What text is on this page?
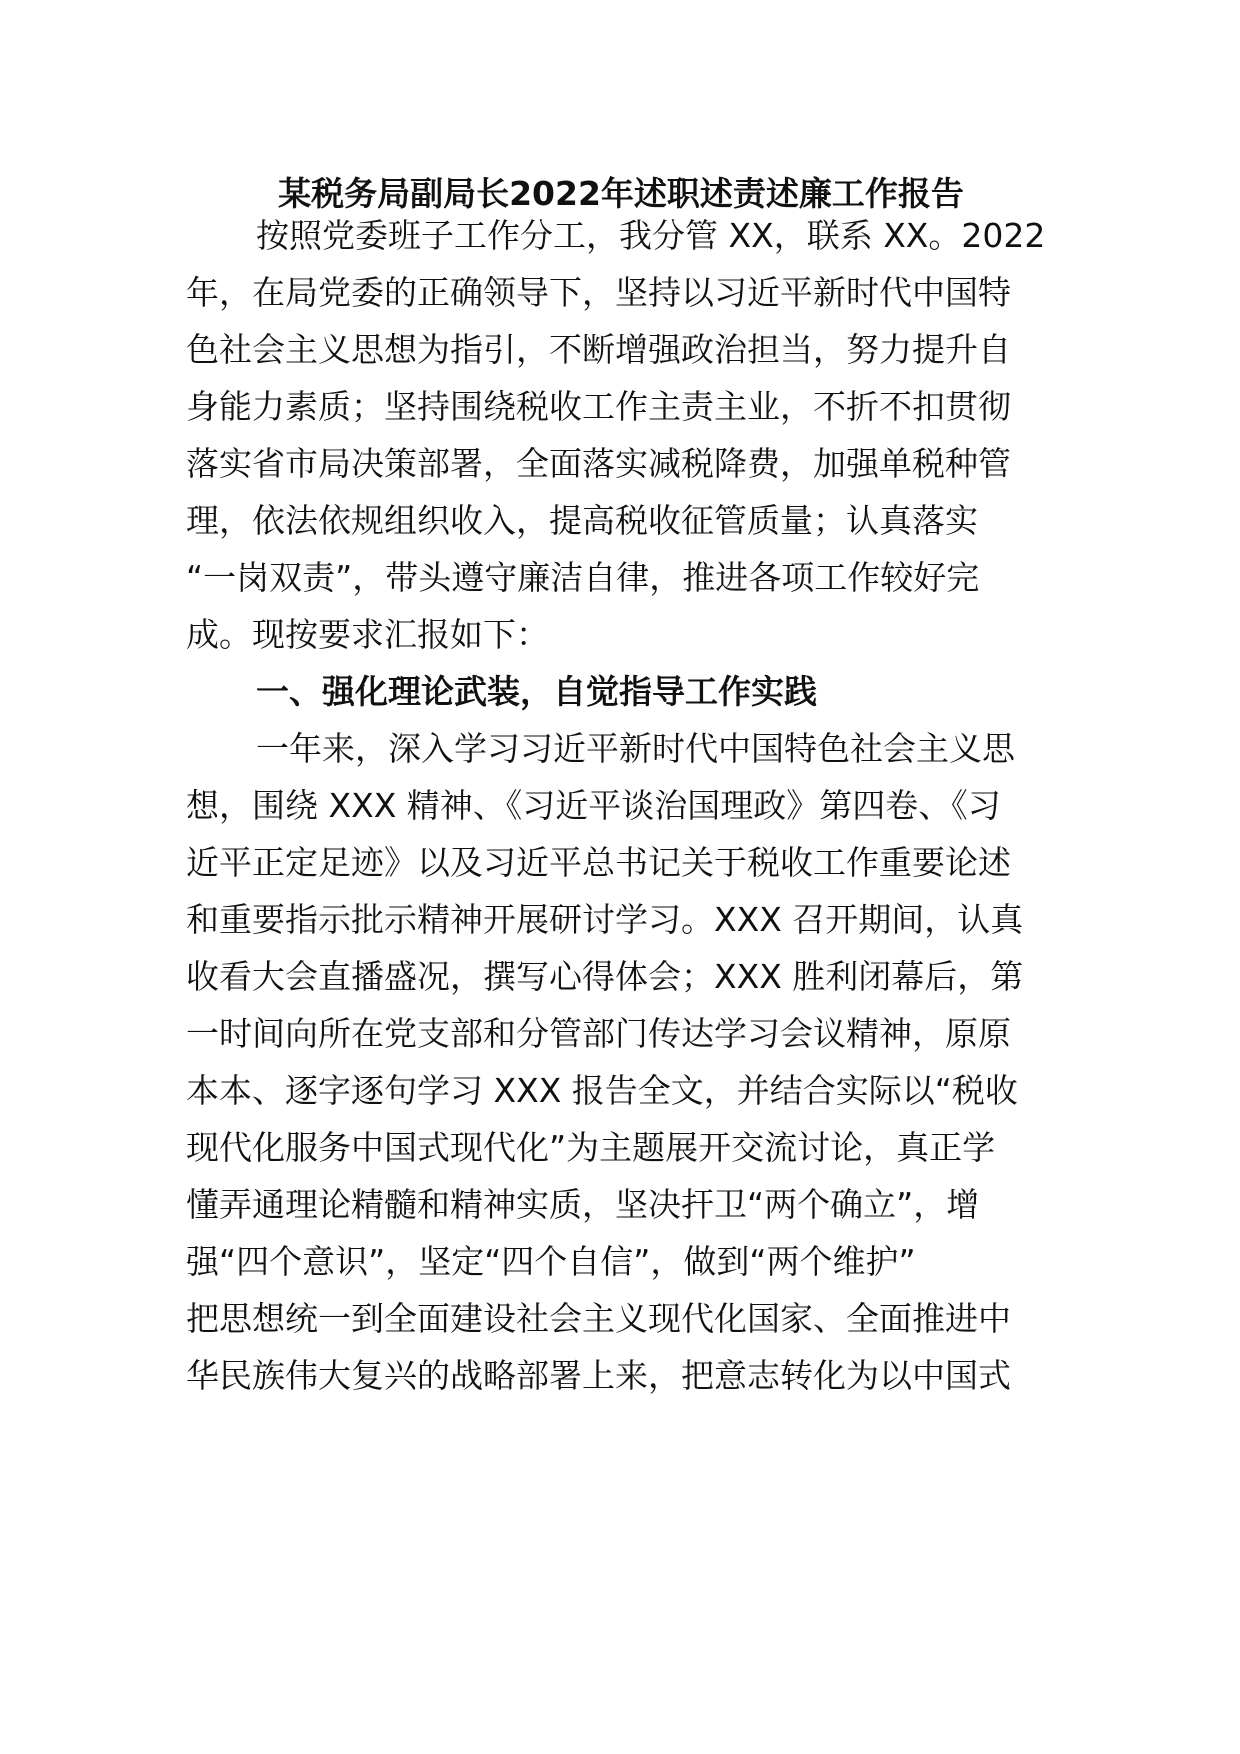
某税务局副局长2022年述职述责述廉工作报告
按照党委班子工作分工，我分管 XX，联系 XX。2022
年，在局党委的正确领导下，坚持以习近平新时代中国特
色社会主义思想为指引，不断增强政治担当，努力提升自
身能力素质；坚持围绕税收工作主责主业，不折不扣贯彻
落实省市局决策部署，全面落实减税降费，加强单税种管
理，依法依规组织收入，提高税收征管质量；认真落实
“一岗双责”，带头遵守廉洁自律，推进各项工作较好完
成。现按要求汇报如下：
一、强化理论武装，自觉指导工作实践
一年来，深入学习习近平新时代中国特色社会主义思
想，围绕 XXX 精神、《习近平谈治国理政》第四卷、《习
近平正定足迹》以及习近平总书记关于税收工作重要论述
和重要指示批示精神开展研讨学习。XXX 召开期间，认真
收看大会直播盛况，撰写心得体会；XXX 胜利闭幕后，第
一时间向所在党支部和分管部门传达学习会议精神，原原
本本、逐字逐句学习 XXX 报告全文，并结合实际以“税收
现代化服务中国式现代化”为主题展开交流讨论，真正学
懂弄通理论精髓和精神实质，坚决扞卫“两个确立”，增
强“四个意识”，坚定“四个自信”，做到“两个维护”
把思想统一到全面建设社会主义现代化国家、全面推进中
华民族伟大复兴的战略部署上来，把意志转化为以中国式
